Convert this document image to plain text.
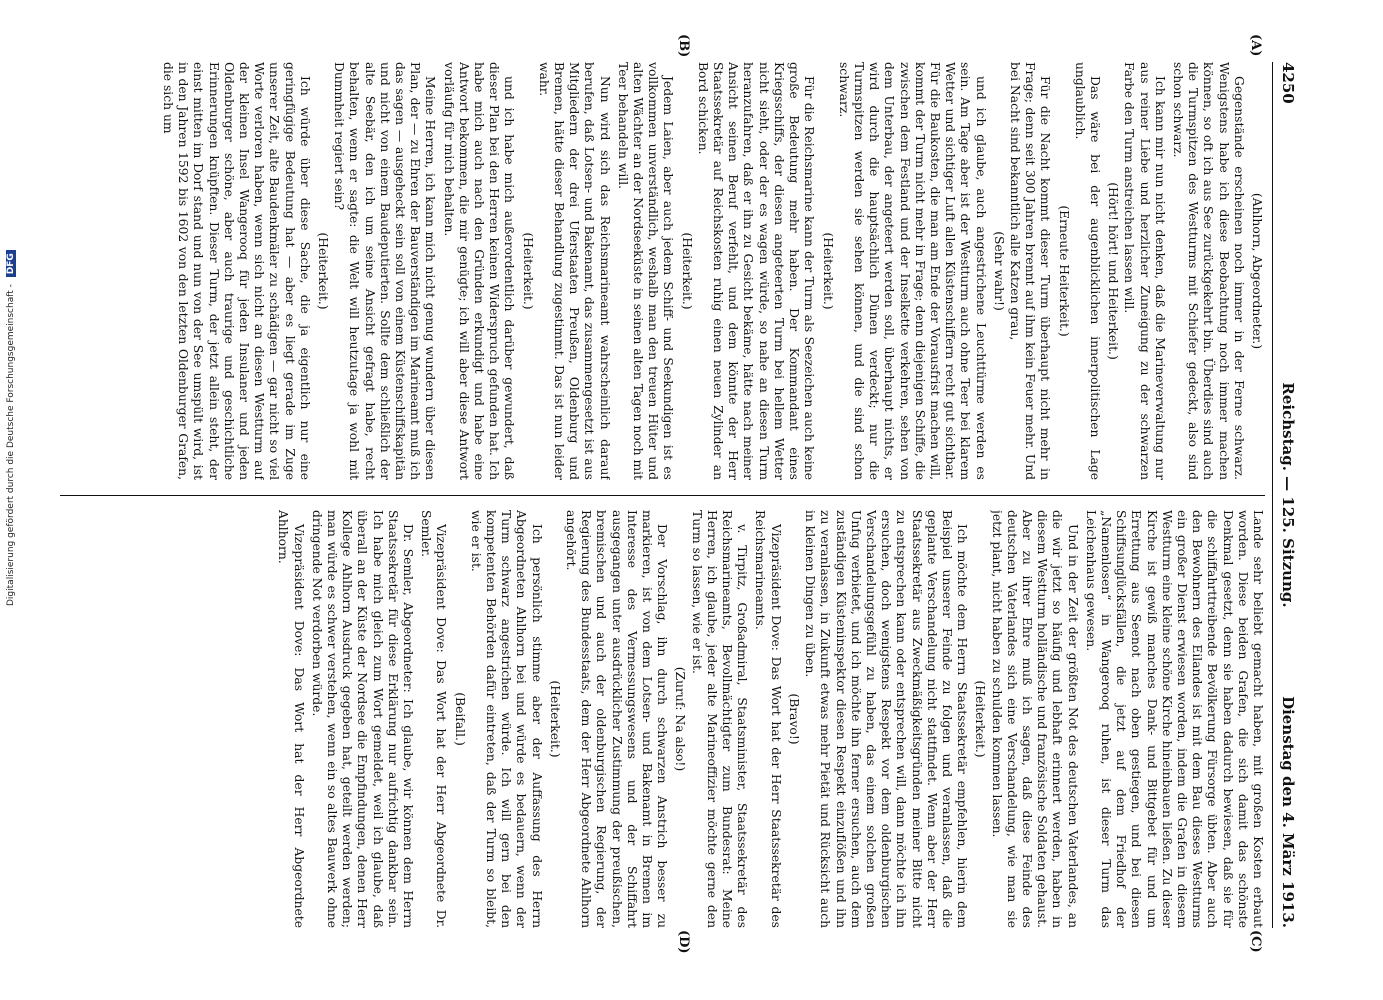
4250
Reichstag. — 125. Sitzung.
Dienstag den 4. März 1913.
(A)
(B)
(C)
(D)

(Ahlhorn, Abgeordneter.)

Gegenstände erscheinen noch immer in der Ferne schwarz. Wenigstens habe ich diese Beobachtung noch immer machen können, so oft ich aus See zurückgekehrt bin. Überdies sind auch die Turmspitzen des Westturms mit Schiefer gedeckt, also sind schon schwarz.

Ich kann mir nun nicht denken, daß die Marineverwaltung nur aus reiner Liebe und herzlicher Zuneigung zu der schwarzen Farbe den Turm anstreichen lassen will.

(Hört! hört! und Heiterkeit.)

Das wäre bei der augenblicklichen innerpolitischen Lage unglaublich.

(Erneute Heiterkeit.)

Für die Nacht kommt dieser Turm überhaupt nicht mehr in Frage; denn seit 300 Jahren brennt auf ihm kein Feuer mehr. Und bei Nacht sind bekanntlich alle Katzen grau,

(Sehr wahr!)

und ich glaube, auch angestrichene Leuchttürme werden es sein. Am Tage aber ist der Westturm auch ohne Teer bei klarem Wetter und sichtiger Luft allen Küstenschiffern recht gut sichtbar. Für die Baukosten, die man am Ende der Vorausfrist machen will, kommt der Turm nicht mehr in Frage; denn diejenigen Schiffe, die zwischen dem Festland und der Inselkette verkehren, sehen von dem Unterbau, der angeteert werden soll, überhaupt nichts, er wird durch die hauptsächlich Dünen verdeckt; nur die Turmspitzen werden sie sehen können, und die sind schon schwarz.

(Heiterkeit.)

Für die Reichsmarine kann der Turm als Seezeichen auch keine große Bedeutung mehr haben. Der Kommandant eines Kriegsschiffs, der diesen angeteerten Turm bei hellem Wetter nicht sieht, oder der es wagen würde, so nahe an diesen Turm heranzufahren, daß er ihn zu Gesicht bekäme, hätte nach meiner Ansicht seinen Beruf verfehlt, und dem könnte der Herr Staatssekretär auf Reichskosten ruhig einen neuen Zylinder an Bord schicken.

(Heiterkeit.)

Jedem Laien, aber auch jedem Schiff- und Seekundigen ist es vollkommen unverständlich, weshalb man den treuen Hüter und alten Wächter an der Nordseeküste in seinen alten Tagen noch mit Teer behandeln will.

Nun wird sich das Reichsmarineamt wahrscheinlich darauf berufen, daß Lotsen- und Bakenamt, das zusammengesetzt ist aus Mitgliedern der drei Uferstaaten Preußen, Oldenburg und Bremen, hätte dieser Behandlung zugestimmt. Das ist nun leider wahr.

(Heiterkeit.)

und ich habe mich außerordentlich darüber gewundert, daß dieser Plan bei den Herren keinen Widerspruch gefunden hat. Ich habe mich auch nach den Gründen erkundigt und habe eine Antwort bekommen, die mir genügte; ich will aber diese Antwort vorläufig für mich behalten.

Meine Herren, ich kann mich nicht genug wundern über diesen Plan, der — zu Ehren der Bauverständigen im Marineamt muß ich das sagen — ausgeheckt sein soll von einem Küstenschiffskapitän und nicht von einem Baudeputierten. Sollte dem schließlich der alte Seebär, den ich um seine Ansicht gefragt habe, recht behalten, wenn er sagte: die Welt will heutzutage ja wohl mit Dummheit regiert sein?

(Heiterkeit.)

Ich würde über diese Sache, die ja eigentlich nur eine geringfügige Bedeutung hat — aber es liegt gerade im Zuge unserer Zeit, alte Baudenkmäler zu schädigen — gar nicht so viel Worte verloren haben, wenn sich nicht an diesen Westturm auf der kleinen Insel Wangerooq für jeden Insulaner und jeden Oldenburger schöne, aber auch traurige und geschichtliche Erinnerungen knüpften. Dieser Turm, der jetzt allein steht, der einst mitten im Dorf stand und nun von der See umspült wird, ist in den Jahren 1592 bis 1602 von den letzten Oldenburger Grafen, die sich um

Lande sehr beliebt gemacht haben, mit großen Kosten erbaut worden. Diese beiden Grafen, die sich damit das schönste Denkmal gesetzt, denn sie haben dadurch bewiesen, daß sie für die schiffahrttreibende Bevölkerung Fürsorge übten. Aber auch den Bewohnern des Eilandes ist mit dem Bau dieses Westturms ein großer Dienst erwiesen worden, indem die Grafen in diesem Westturm eine kleine schöne Kirche hineinbauen ließen. Zu dieser Kirche ist gewiß manches Dank- und Bittgebet für und um Errettung aus Seenot nach oben gestiegen, und bei diesen Schiffsunglücksfällen, die jetzt auf dem Friedhof der „Namenlosen“ in Wangerooq ruhen, ist dieser Turm das Leichenhaus gewesen.

Und in der Zeit der größten Not des deutschen Vaterlandes, an die wir jetzt so häufig und lebhaft erinnert werden, haben in diesem Westturm holländische und französische Soldaten gehaust. Aber zu ihrer Ehre muß ich sagen, daß diese Feinde des deutschen Vaterlandes sich eine Verschandelung, wie man sie jetzt plant, nicht haben zu schulden kommen lassen.

(Heiterkeit.)

Ich möchte dem Herrn Staatssekretär empfehlen, hierin dem Beispiel unserer Feinde zu folgen und veranlassen, daß die geplante Verschandelung nicht stattfindet. Wenn aber der Herr Staatssekretär aus Zweckmäßigkeitsgründen meiner Bitte nicht zu entsprechen kann oder entsprechen will, dann möchte ich ihn ersuchen, doch wenigstens Respekt vor dem oldenburgischen Verschandelungsgefühl zu haben, das einem solchen großen Unfug verbietet, und ich möchte ihn ferner ersuchen, auch dem zuständigen Küsteninspektor diesen Respekt einzuflößen und ihn zu veranlassen, in Zukunft etwas mehr Pietät und Rücksicht auch in kleinen Dingen zu üben.

(Bravo!)

Vizepräsident Dove: Das Wort hat der Herr Staatssekretär des Reichsmarineamts.

v. Tirpitz, Großadmiral, Staatsminister, Staatssekretär des Reichsmarineamts, Bevollmächtigter zum Bundesrat: Meine Herren, ich glaube, jeder alte Marineoffizier möchte gerne den Turm so lassen, wie er ist.

(Zuruf: Na also!)

Der Vorschlag, ihn durch schwarzen Anstrich besser zu markieren, ist von dem Lotsen- und Bakenamt in Bremen im Interesse des Vermessungswesens und der Schiffahrt ausgegangen unter ausdrücklicher Zustimmung der preußischen, bremischen und auch der oldenburgischen Regierung, der Regierung des Bundesstaats, dem der Herr Abgeordnete Ahlhorn angehört.

(Heiterkeit.)

Ich persönlich stimme aber der Auffassung des Herrn Abgeordneten Ahlhorn bei und würde es bedauern, wenn der Turm schwarz angestrichen würde. Ich will gern bei den kompetenten Behörden dafür eintreten, daß der Turm so bleibt, wie er ist.

(Beifall.)

Vizepräsident Dove: Das Wort hat der Herr Abgeordnete Dr. Semler.

Dr. Semler, Abgeordneter: Ich glaube, wir können dem Herrn Staatssekretär für diese Erklärung nur aufrichtig dankbar sein. Ich habe mich gleich zum Wort gemeldet, weil ich glaube, daß überall an der Küste der Nordsee die Empfindungen, denen Herr Kollege Ahlhorn Ausdruck gegeben hat, geteilt werden werden; man würde es schwer verstehen, wenn ein so altes Bauwerk ohne dringende Not verdorben würde.

Vizepräsident Dove: Das Wort hat der Herr Abgeordnete Ahlhorn.

Digitalisierung gefördert durch die Deutsche Forschungsgemeinschaft - DFG
